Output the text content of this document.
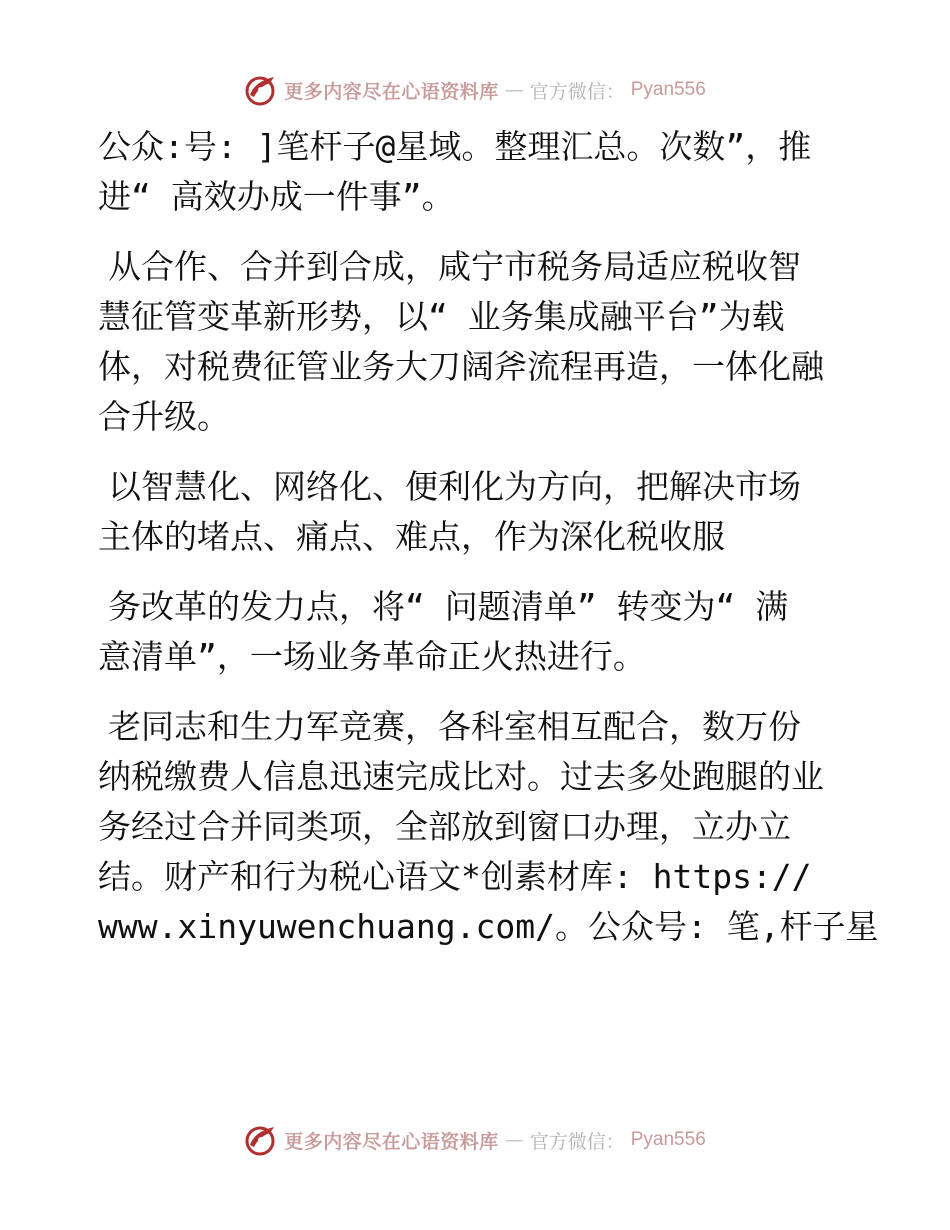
更多内容尽在心语资料库 — 官方微信： Pyan556
公众:号: ]笔杆子@星域。整理汇总。次数”，推
进“ 高效办成一件事”。
从合作、合并到合成，咸宁市税务局适应税收智
慧征管变革新形势，以“ 业务集成融平台”为载
体，对税费征管业务大刀阔斧流程再造，一体化融
合升级。
以智慧化、网络化、便利化为方向，把解决市场
主体的堵点、痛点、难点，作为深化税收服
务改革的发力点，将“ 问题清单” 转变为“ 满
意清单”，一场业务革命正火热进行。
老同志和生力军竞赛，各科室相互配合，数万份
纳税缴费人信息迅速完成比对。过去多处跑腿的业
务经过合并同类项，全部放到窗口办理，立办立
结。财产和行为税心语文*创素材库: https://
www.xinyuwenchuang.com/。公众号: 笔,杆子星
更多内容尽在心语资料库 — 官方微信： Pyan556
